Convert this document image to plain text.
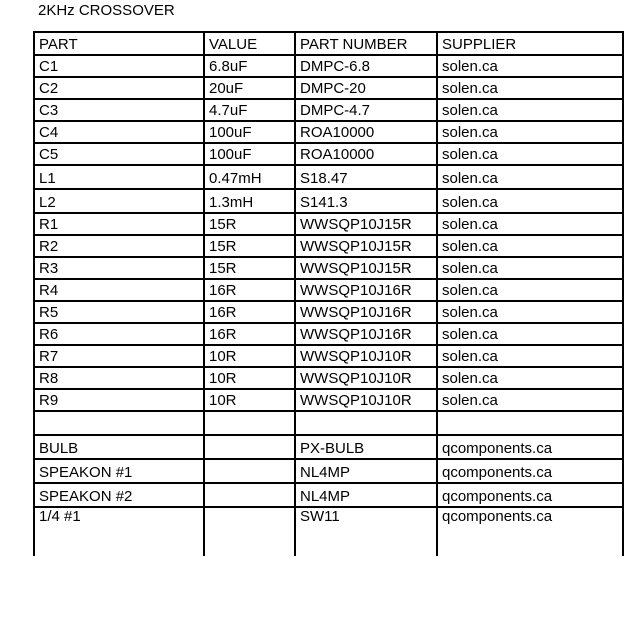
2KHz CROSSOVER
PART	VALUE	PART NUMBER	SUPPLIER
C1	6.8uF	DMPC-6.8	solen.ca
C2	20uF	DMPC-20	solen.ca
C3	4.7uF	DMPC-4.7	solen.ca
C4	100uF	ROA10000	solen.ca
C5	100uF	ROA10000	solen.ca
L1	0.47mH	S18.47	solen.ca
L2	1.3mH	S141.3	solen.ca
R1	15R	WWSQP10J15R	solen.ca
R2	15R	WWSQP10J15R	solen.ca
R3	15R	WWSQP10J15R	solen.ca
R4	16R	WWSQP10J16R	solen.ca
R5	16R	WWSQP10J16R	solen.ca
R6	16R	WWSQP10J16R	solen.ca
R7	10R	WWSQP10J10R	solen.ca
R8	10R	WWSQP10J10R	solen.ca
R9	10R	WWSQP10J10R	solen.ca

BULB		PX-BULB	qcomponents.ca
SPEAKON #1		NL4MP	qcomponents.ca
SPEAKON #2		NL4MP	qcomponents.ca
1/4 #1		SW11	qcomponents.ca
